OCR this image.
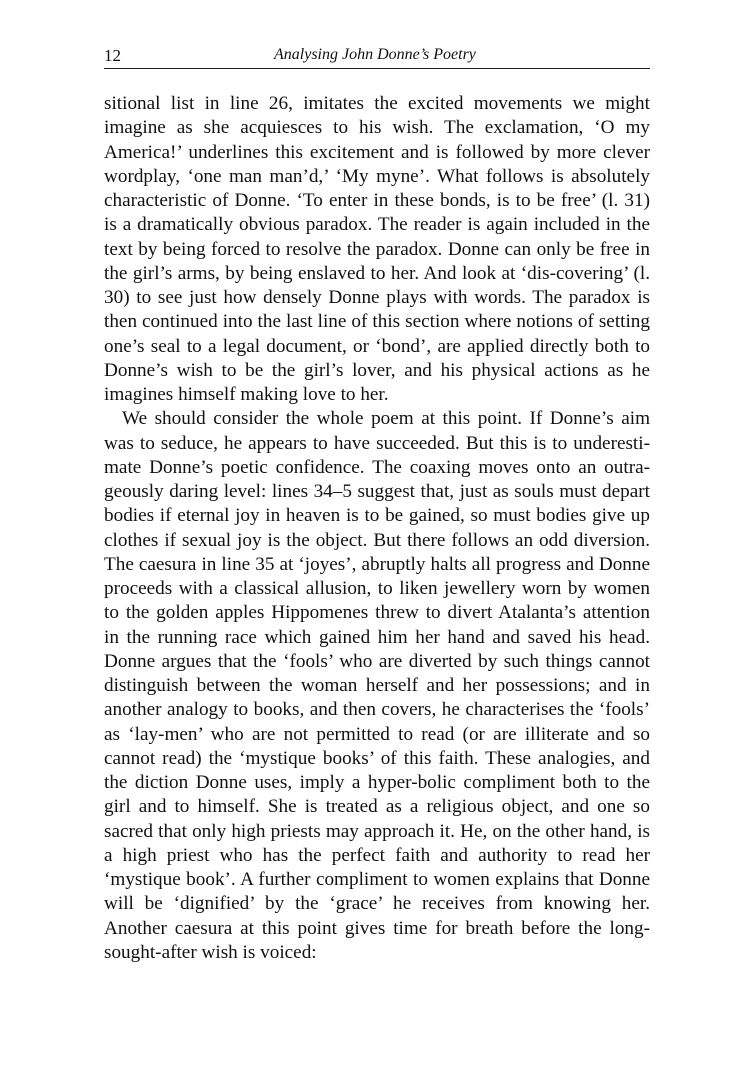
12	Analysing John Donne’s Poetry

sitional list in line 26, imitates the excited movements we might imagine as she acquiesces to his wish. The exclamation, ‘O my America!’ underlines this excitement and is followed by more clever wordplay, ‘one man man’d,’ ‘My myne’. What follows is absolutely characteristic of Donne. ‘To enter in these bonds, is to be free’ (l. 31) is a dramatically obvious paradox. The reader is again included in the text by being forced to resolve the paradox. Donne can only be free in the girl’s arms, by being enslaved to her. And look at ‘dis-covering’ (l. 30) to see just how densely Donne plays with words. The paradox is then continued into the last line of this section where notions of setting one’s seal to a legal document, or ‘bond’, are applied directly both to Donne’s wish to be the girl’s lover, and his physical actions as he imagines himself making love to her.

We should consider the whole poem at this point. If Donne’s aim was to seduce, he appears to have succeeded. But this is to underesti-mate Donne’s poetic confidence. The coaxing moves onto an outra-geously daring level: lines 34–5 suggest that, just as souls must depart bodies if eternal joy in heaven is to be gained, so must bodies give up clothes if sexual joy is the object. But there follows an odd diversion. The caesura in line 35 at ‘joyes’, abruptly halts all progress and Donne proceeds with a classical allusion, to liken jewellery worn by women to the golden apples Hippomenes threw to divert Atalanta’s attention in the running race which gained him her hand and saved his head. Donne argues that the ‘fools’ who are diverted by such things cannot distinguish between the woman herself and her possessions; and in another analogy to books, and then covers, he characterises the ‘fools’ as ‘lay-men’ who are not permitted to read (or are illiterate and so cannot read) the ‘mystique books’ of this faith. These analogies, and the diction Donne uses, imply a hyper-bolic compliment both to the girl and to himself. She is treated as a religious object, and one so sacred that only high priests may approach it. He, on the other hand, is a high priest who has the perfect faith and authority to read her ‘mystique book’. A further compliment to women explains that Donne will be ‘dignified’ by the ‘grace’ he receives from knowing her. Another caesura at this point gives time for breath before the long-sought-after wish is voiced:
